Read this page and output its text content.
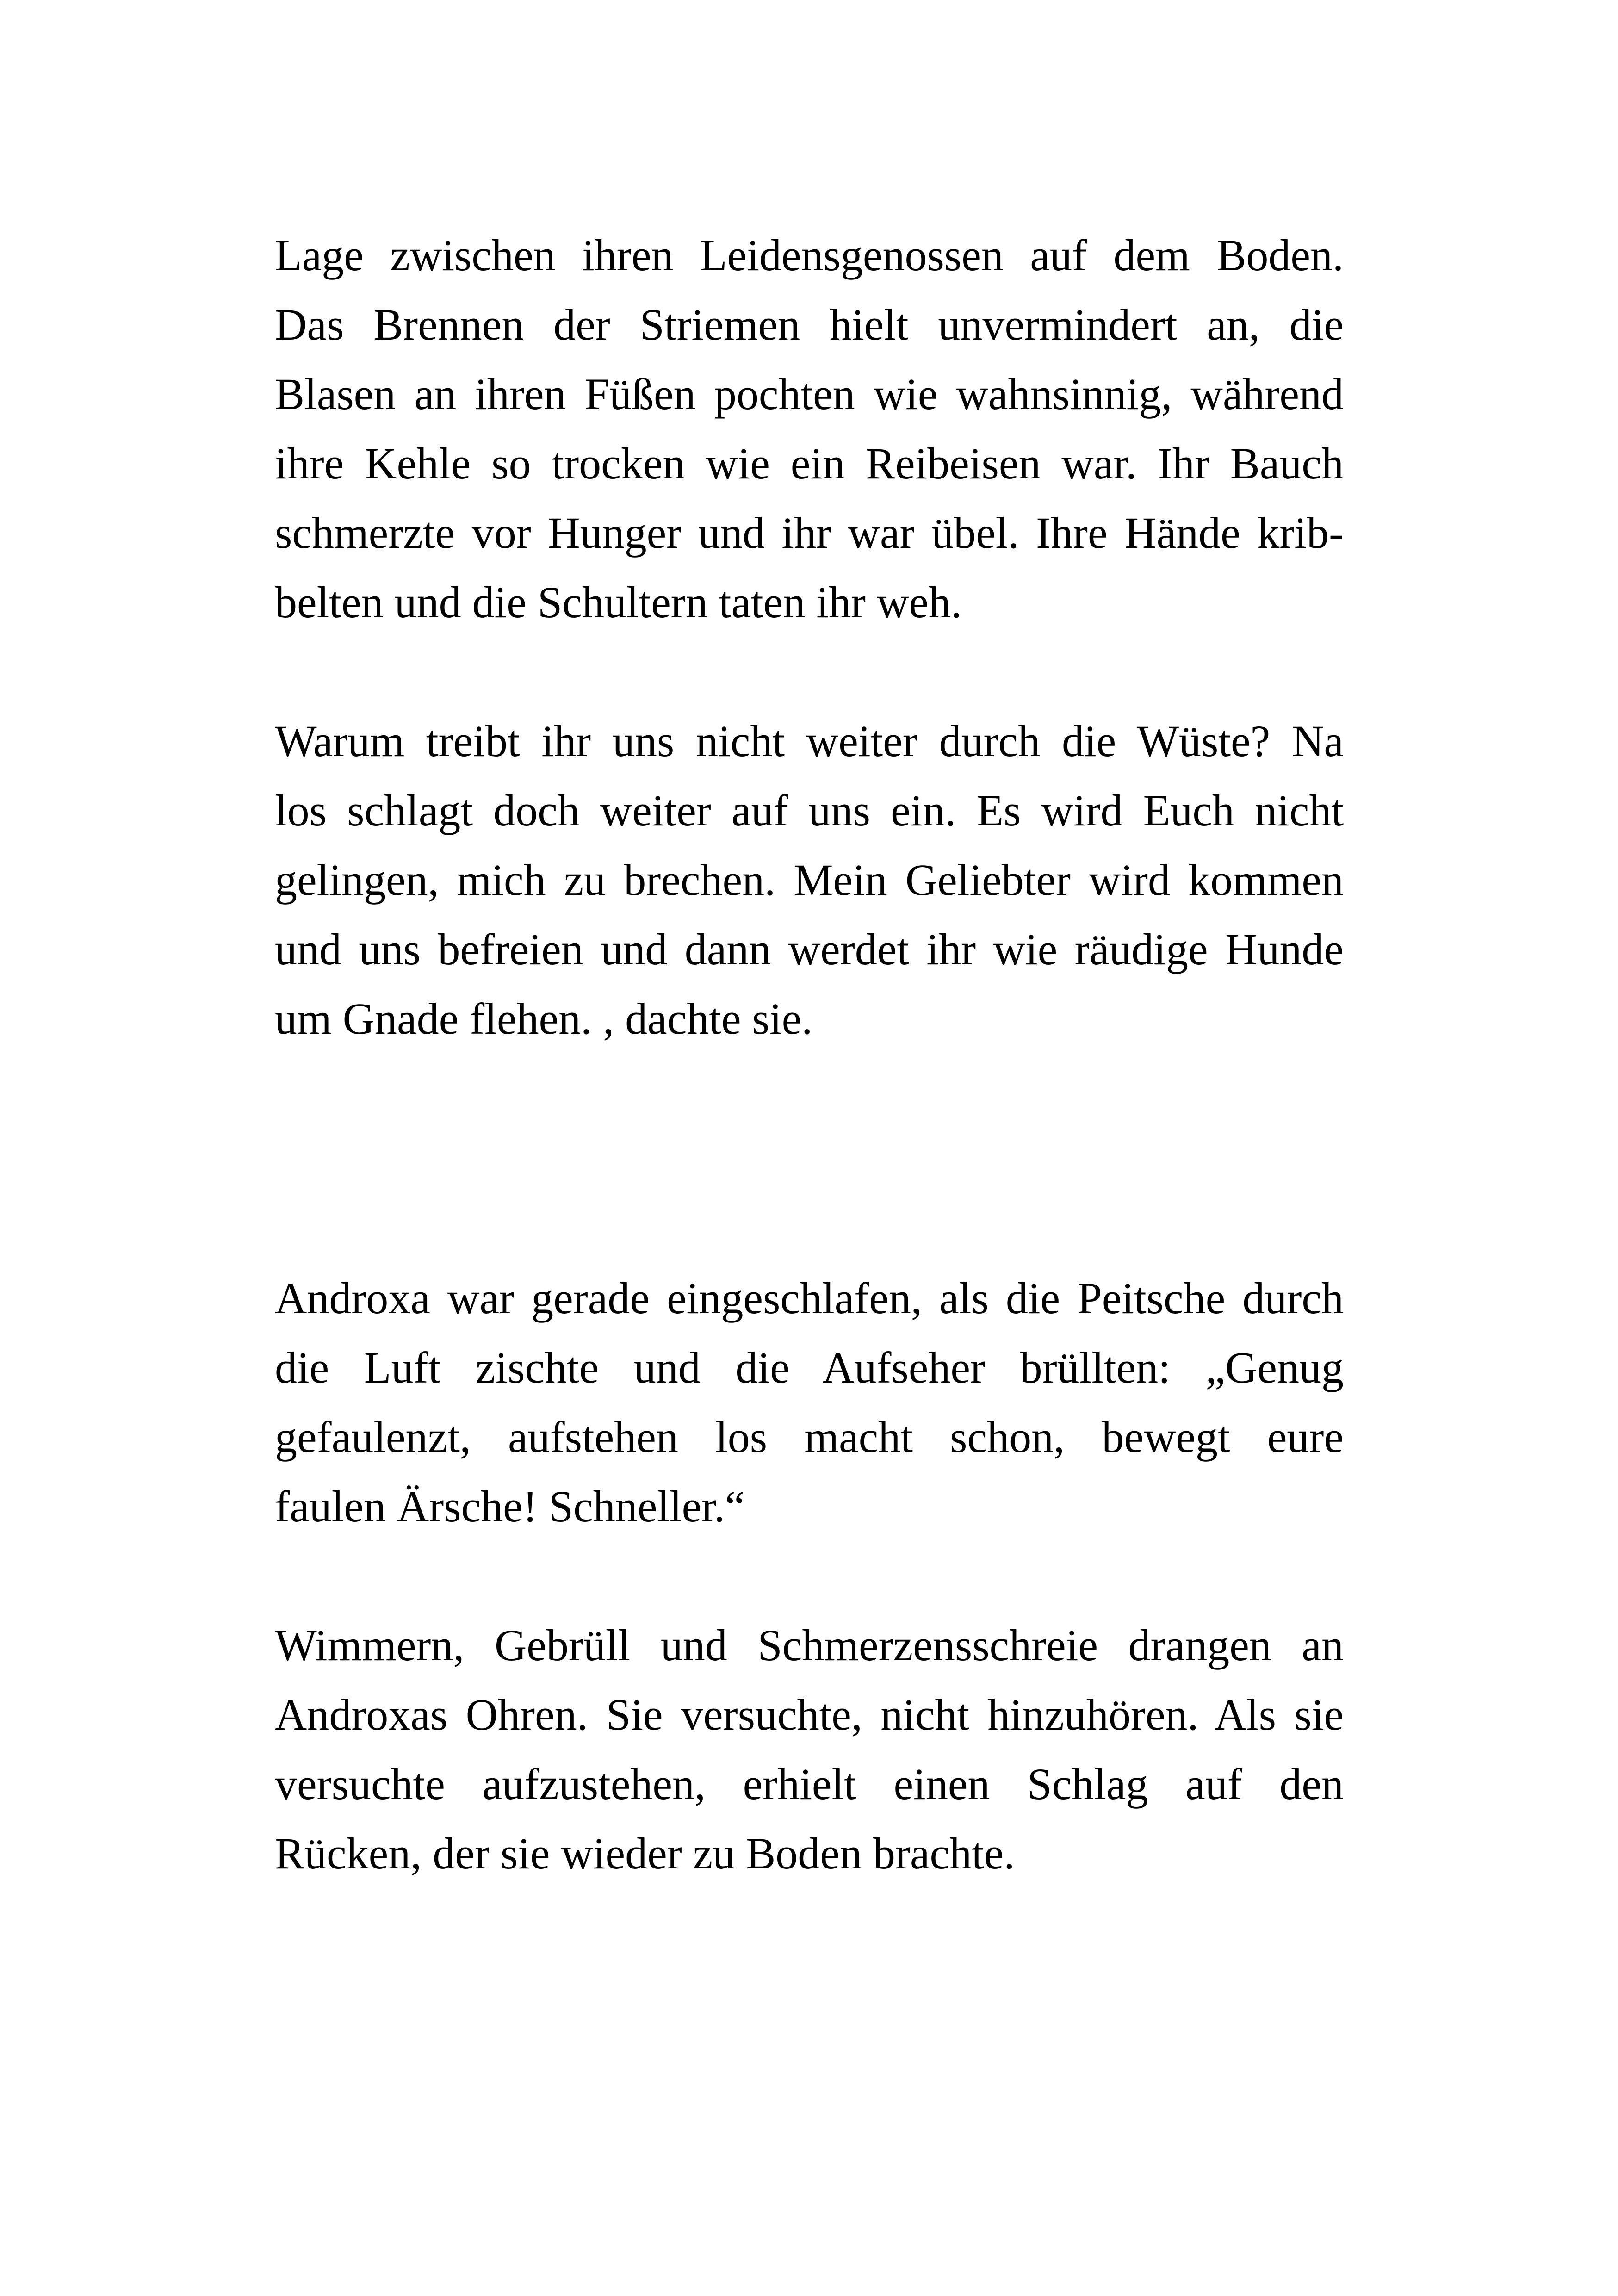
Lage zwischen ihren Leidensgenossen auf dem Boden.
Das Brennen der Striemen hielt unvermindert an, die
Blasen an ihren Füßen pochten wie wahnsinnig, während
ihre Kehle so trocken wie ein Reibeisen war. Ihr Bauch
schmerzte vor Hunger und ihr war übel. Ihre Hände krib-
belten und die Schultern taten ihr weh.
Warum treibt ihr uns nicht weiter durch die Wüste? Na
los schlagt doch weiter auf uns ein. Es wird Euch nicht
gelingen, mich zu brechen. Mein Geliebter wird kommen
und uns befreien und dann werdet ihr wie räudige Hunde
um Gnade flehen. , dachte sie.
Androxa war gerade eingeschlafen, als die Peitsche durch
die Luft zischte und die Aufseher brüllten: „Genug
gefaulenzt, aufstehen los macht schon, bewegt eure
faulen Ärsche! Schneller.“
Wimmern, Gebrüll und Schmerzensschreie drangen an
Androxas Ohren. Sie versuchte, nicht hinzuhören. Als sie
versuchte aufzustehen, erhielt einen Schlag auf den
Rücken, der sie wieder zu Boden brachte.
